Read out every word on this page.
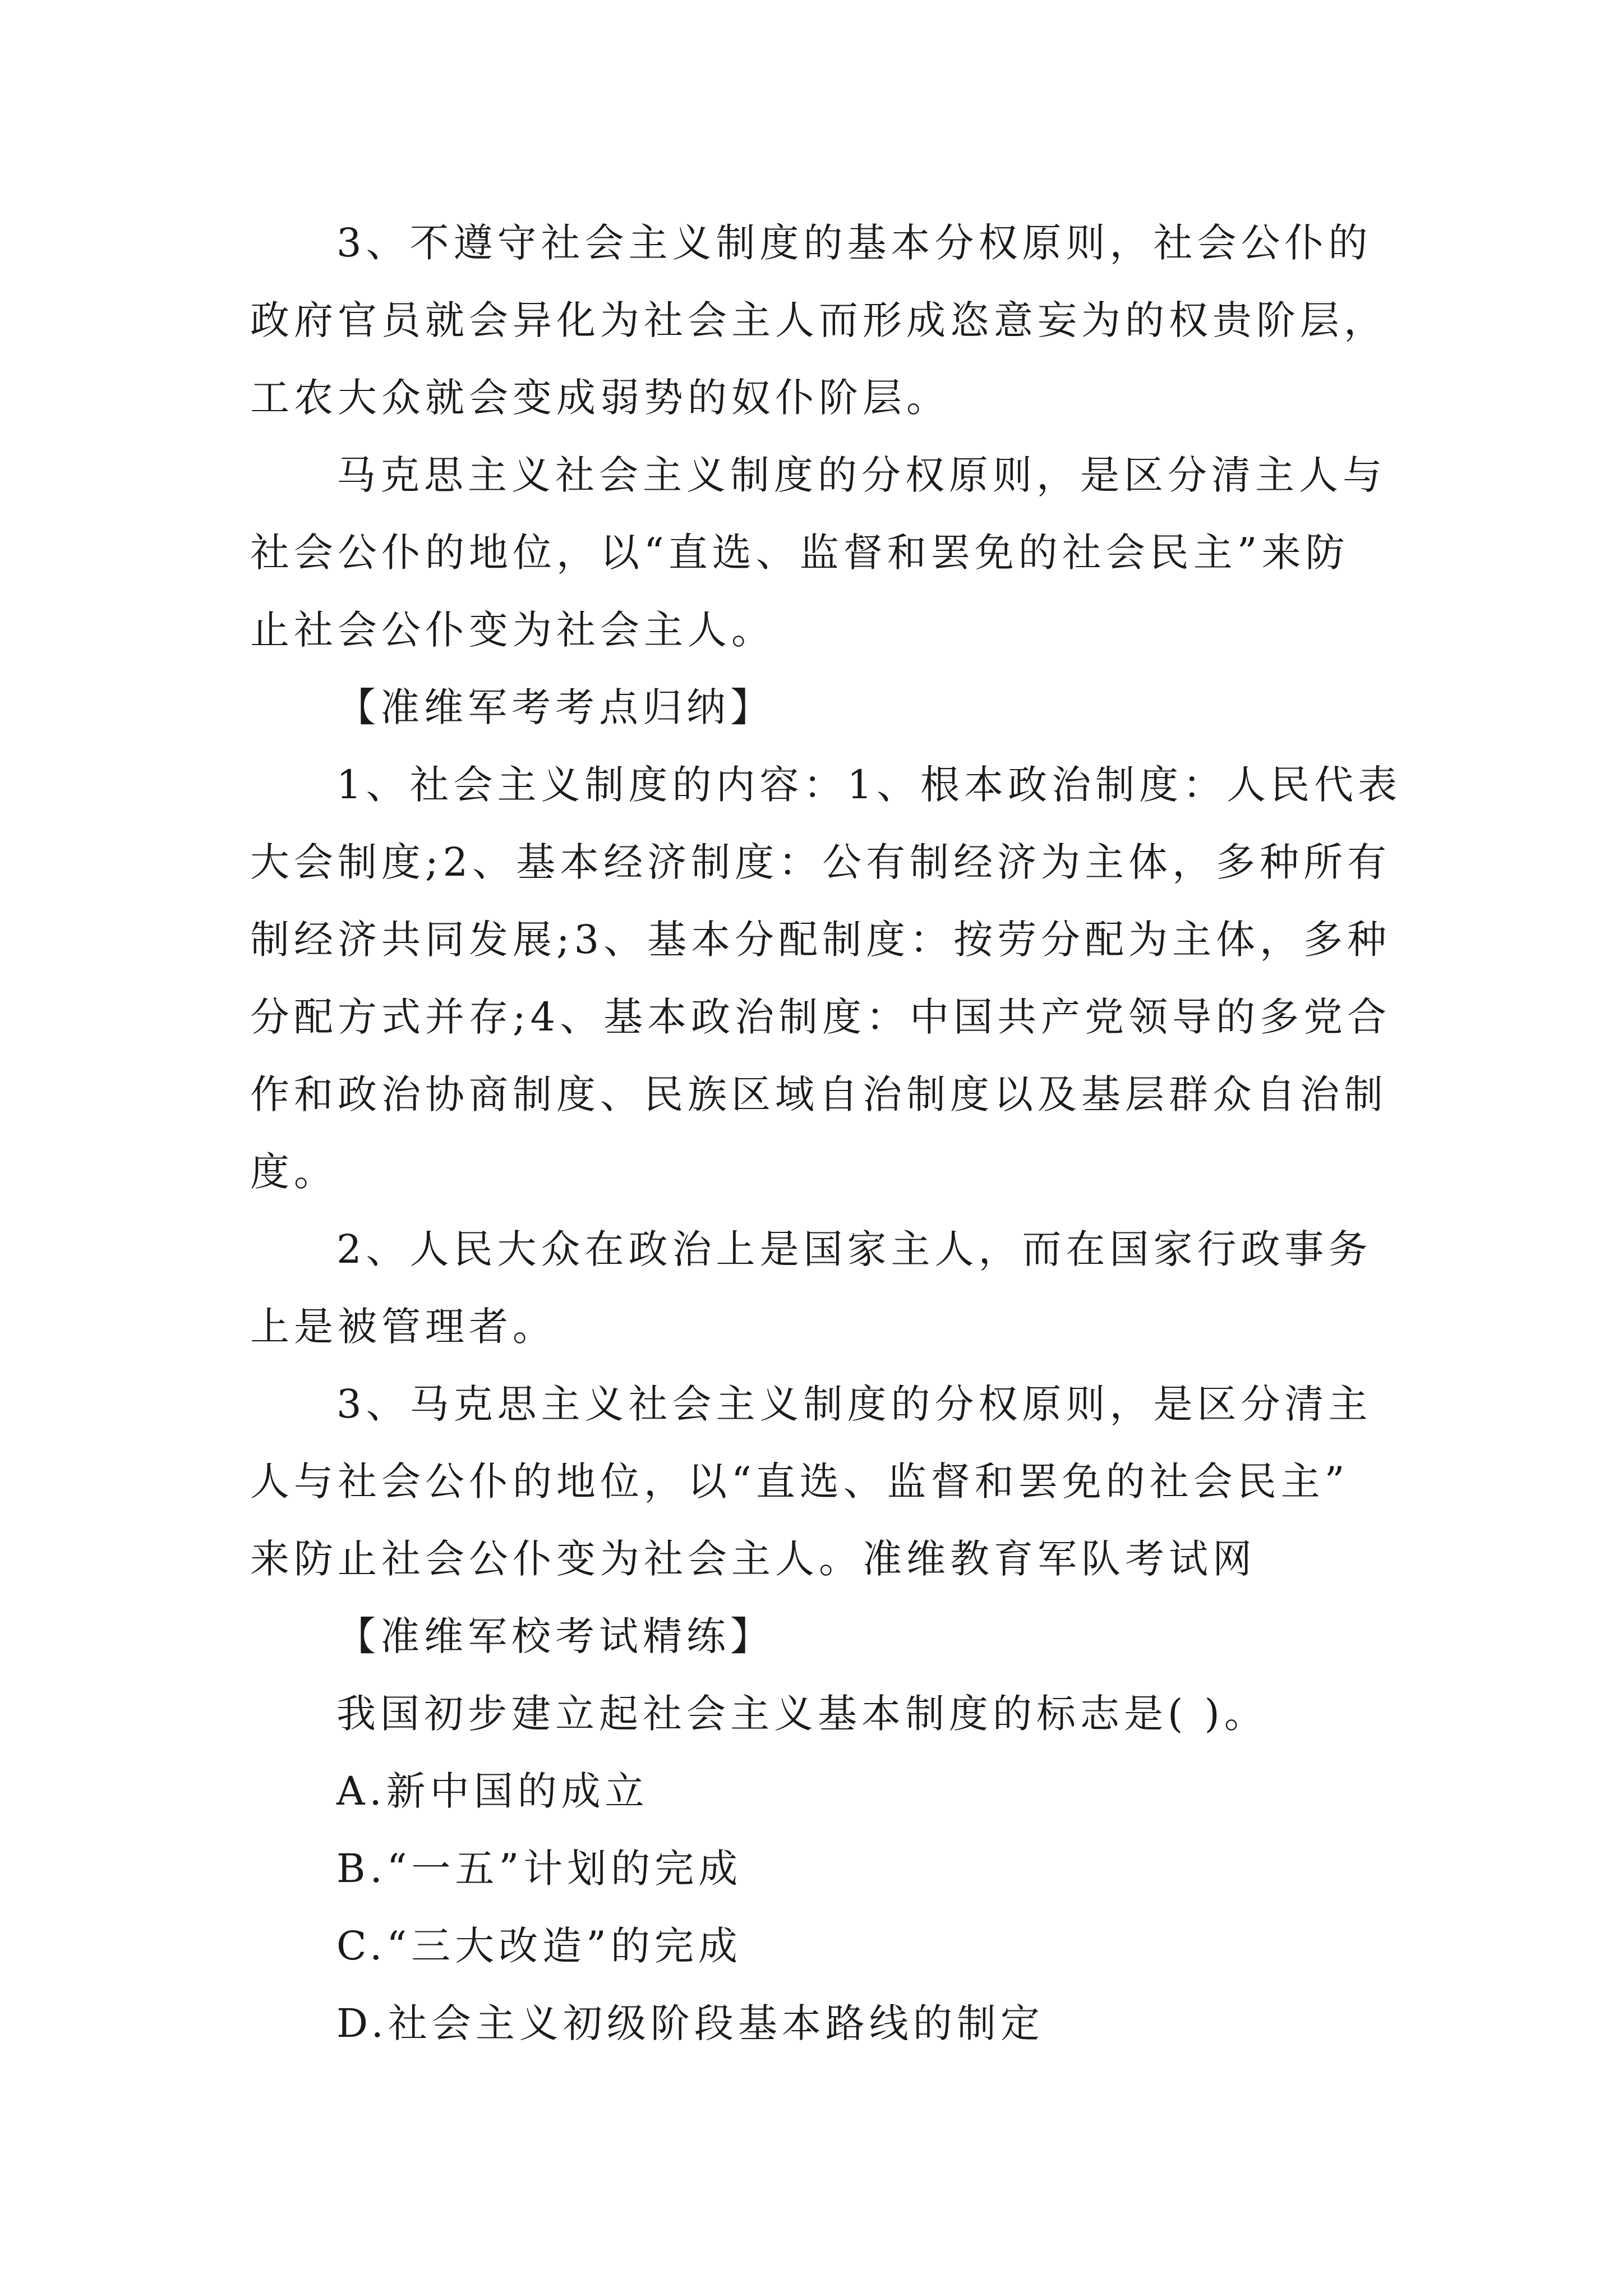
3、不遵守社会主义制度的基本分权原则，社会公仆的
政府官员就会异化为社会主人而形成恣意妄为的权贵阶层，
工农大众就会变成弱势的奴仆阶层。
马克思主义社会主义制度的分权原则，是区分清主人与
社会公仆的地位，以“直选、监督和罢免的社会民主”来防
止社会公仆变为社会主人。
【准维军考考点归纳】
1、社会主义制度的内容：1、根本政治制度：人民代表
大会制度;2、基本经济制度：公有制经济为主体，多种所有
制经济共同发展;3、基本分配制度：按劳分配为主体，多种
分配方式并存;4、基本政治制度：中国共产党领导的多党合
作和政治协商制度、民族区域自治制度以及基层群众自治制
度。
2、人民大众在政治上是国家主人，而在国家行政事务
上是被管理者。
3、马克思主义社会主义制度的分权原则，是区分清主
人与社会公仆的地位，以“直选、监督和罢免的社会民主”
来防止社会公仆变为社会主人。准维教育军队考试网
【准维军校考试精练】
我国初步建立起社会主义基本制度的标志是( )。
A.新中国的成立
B.“一五”计划的完成
C.“三大改造”的完成
D.社会主义初级阶段基本路线的制定
